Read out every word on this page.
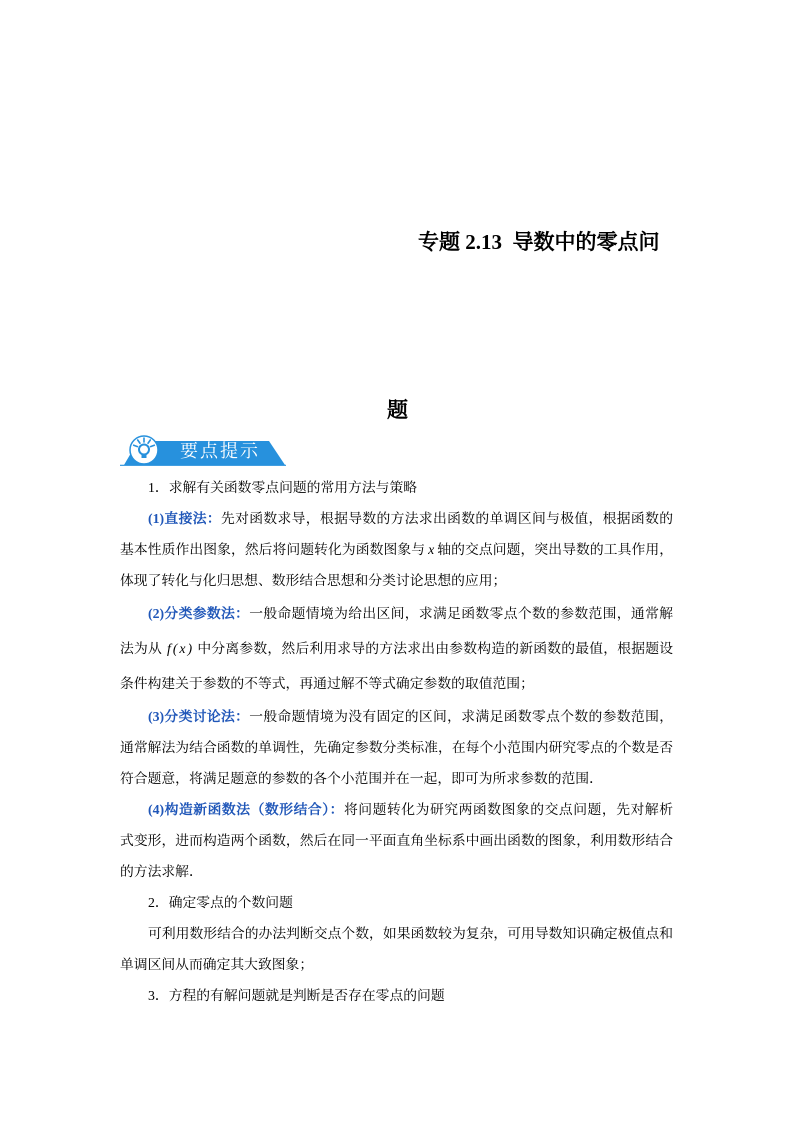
专题 2.13  导数中的零点问
题
要点提示
1．求解有关函数零点问题的常用方法与策略
(1)直接法：先对函数求导，根据导数的方法求出函数的单调区间与极值，根据函数的
基本性质作出图象，然后将问题转化为函数图象与 x 轴的交点问题，突出导数的工具作用，
体现了转化与化归思想、数形结合思想和分类讨论思想的应用；
(2)分类参数法：一般命题情境为给出区间，求满足函数零点个数的参数范围，通常解
法为从 f(x) 中分离参数，然后利用求导的方法求出由参数构造的新函数的最值，根据题设
条件构建关于参数的不等式，再通过解不等式确定参数的取值范围；
(3)分类讨论法：一般命题情境为没有固定的区间，求满足函数零点个数的参数范围，
通常解法为结合函数的单调性，先确定参数分类标准，在每个小范围内研究零点的个数是否
符合题意，将满足题意的参数的各个小范围并在一起，即可为所求参数的范围．
(4)构造新函数法（数形结合）：将问题转化为研究两函数图象的交点问题，先对解析
式变形，进而构造两个函数，然后在同一平面直角坐标系中画出函数的图象，利用数形结合
的方法求解．
2．确定零点的个数问题
可利用数形结合的办法判断交点个数，如果函数较为复杂，可用导数知识确定极值点和
单调区间从而确定其大致图象；
3．方程的有解问题就是判断是否存在零点的问题
